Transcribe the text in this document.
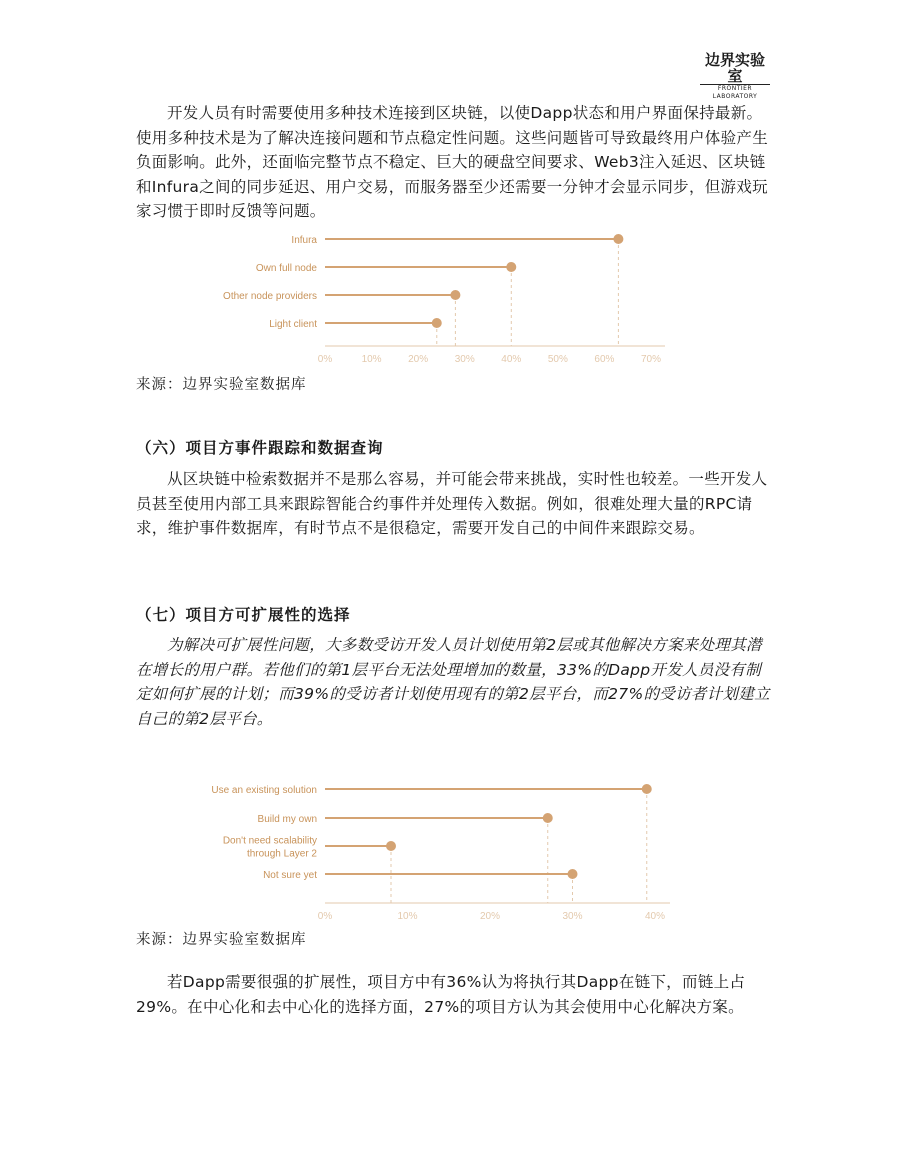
边界实验室
FRONTIER LABORATORY

开发人员有时需要使用多种技术连接到区块链，以使Dapp状态和用户界面保持最新。使用多种技术是为了解决连接问题和节点稳定性问题。这些问题皆可导致最终用户体验产生负面影响。此外，还面临完整节点不稳定、巨大的硬盘空间要求、Web3注入延迟、区块链和Infura之间的同步延迟、用户交易，而服务器至少还需要一分钟才会显示同步，但游戏玩家习惯于即时反馈等问题。

0%	10%	20%	30%	40%	50%	60%	70%
Infura
Own full node
Other node providers
Light client

来源：边界实验室数据库

（六）项目方事件跟踪和数据查询

从区块链中检索数据并不是那么容易，并可能会带来挑战，实时性也较差。一些开发人员甚至使用内部工具来跟踪智能合约事件并处理传入数据。例如，很难处理大量的RPC请求，维护事件数据库，有时节点不是很稳定，需要开发自己的中间件来跟踪交易。

（七）项目方可扩展性的选择

为解决可扩展性问题，大多数受访开发人员计划使用第2层或其他解决方案来处理其潜在增长的用户群。若他们的第1层平台无法处理增加的数量，33%的Dapp开发人员没有制定如何扩展的计划；而39%的受访者计划使用现有的第2层平台，而27%的受访者计划建立自己的第2层平台。

0%	10%	20%	30%	40%
Use an existing solution
Build my own
Don't need scalability
through Layer 2
Not sure yet

来源：边界实验室数据库

若Dapp需要很强的扩展性，项目方中有36%认为将执行其Dapp在链下，而链上占29%。在中心化和去中心化的选择方面，27%的项目方认为其会使用中心化解决方案。
